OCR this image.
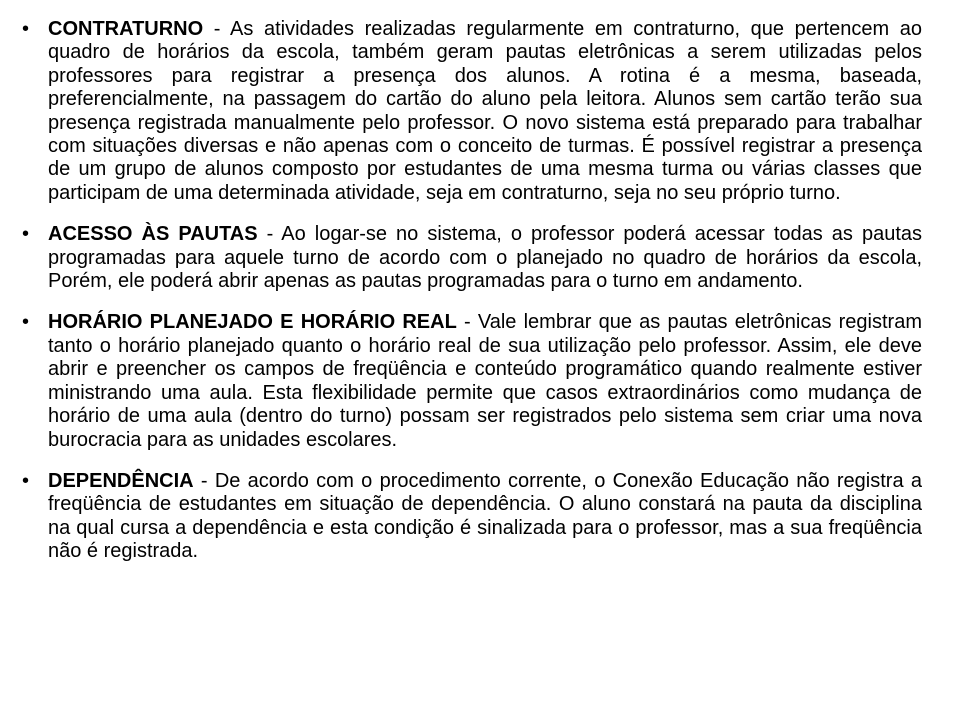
• CONTRATURNO - As atividades realizadas regularmente em contraturno, que pertencem ao quadro de horários da escola, também geram pautas eletrônicas a serem utilizadas pelos professores para registrar a presença dos alunos. A rotina é a mesma, baseada, preferencialmente, na passagem do cartão do aluno pela leitora. Alunos sem cartão terão sua presença registrada manualmente pelo professor. O novo sistema está preparado para trabalhar com situações diversas e não apenas com o conceito de turmas. É possível registrar a presença de um grupo de alunos composto por estudantes de uma mesma turma ou várias classes que participam de uma determinada atividade, seja em contraturno, seja no seu próprio turno.
• ACESSO ÀS PAUTAS - Ao logar-se no sistema, o professor poderá acessar todas as pautas programadas para aquele turno de acordo com o planejado no quadro de horários da escola, Porém, ele poderá abrir apenas as pautas programadas para o turno em andamento.
• HORÁRIO PLANEJADO E HORÁRIO REAL - Vale lembrar que as pautas eletrônicas registram tanto o horário planejado quanto o horário real de sua utilização pelo professor. Assim, ele deve abrir e preencher os campos de freqüência e conteúdo programático quando realmente estiver ministrando uma aula. Esta flexibilidade permite que casos extraordinários como mudança de horário de uma aula (dentro do turno) possam ser registrados pelo sistema sem criar uma nova burocracia para as unidades escolares.
• DEPENDÊNCIA - De acordo com o procedimento corrente, o Conexão Educação não registra a freqüência de estudantes em situação de dependência. O aluno constará na pauta da disciplina na qual cursa a dependência e esta condição é sinalizada para o professor, mas a sua freqüência não é registrada.
